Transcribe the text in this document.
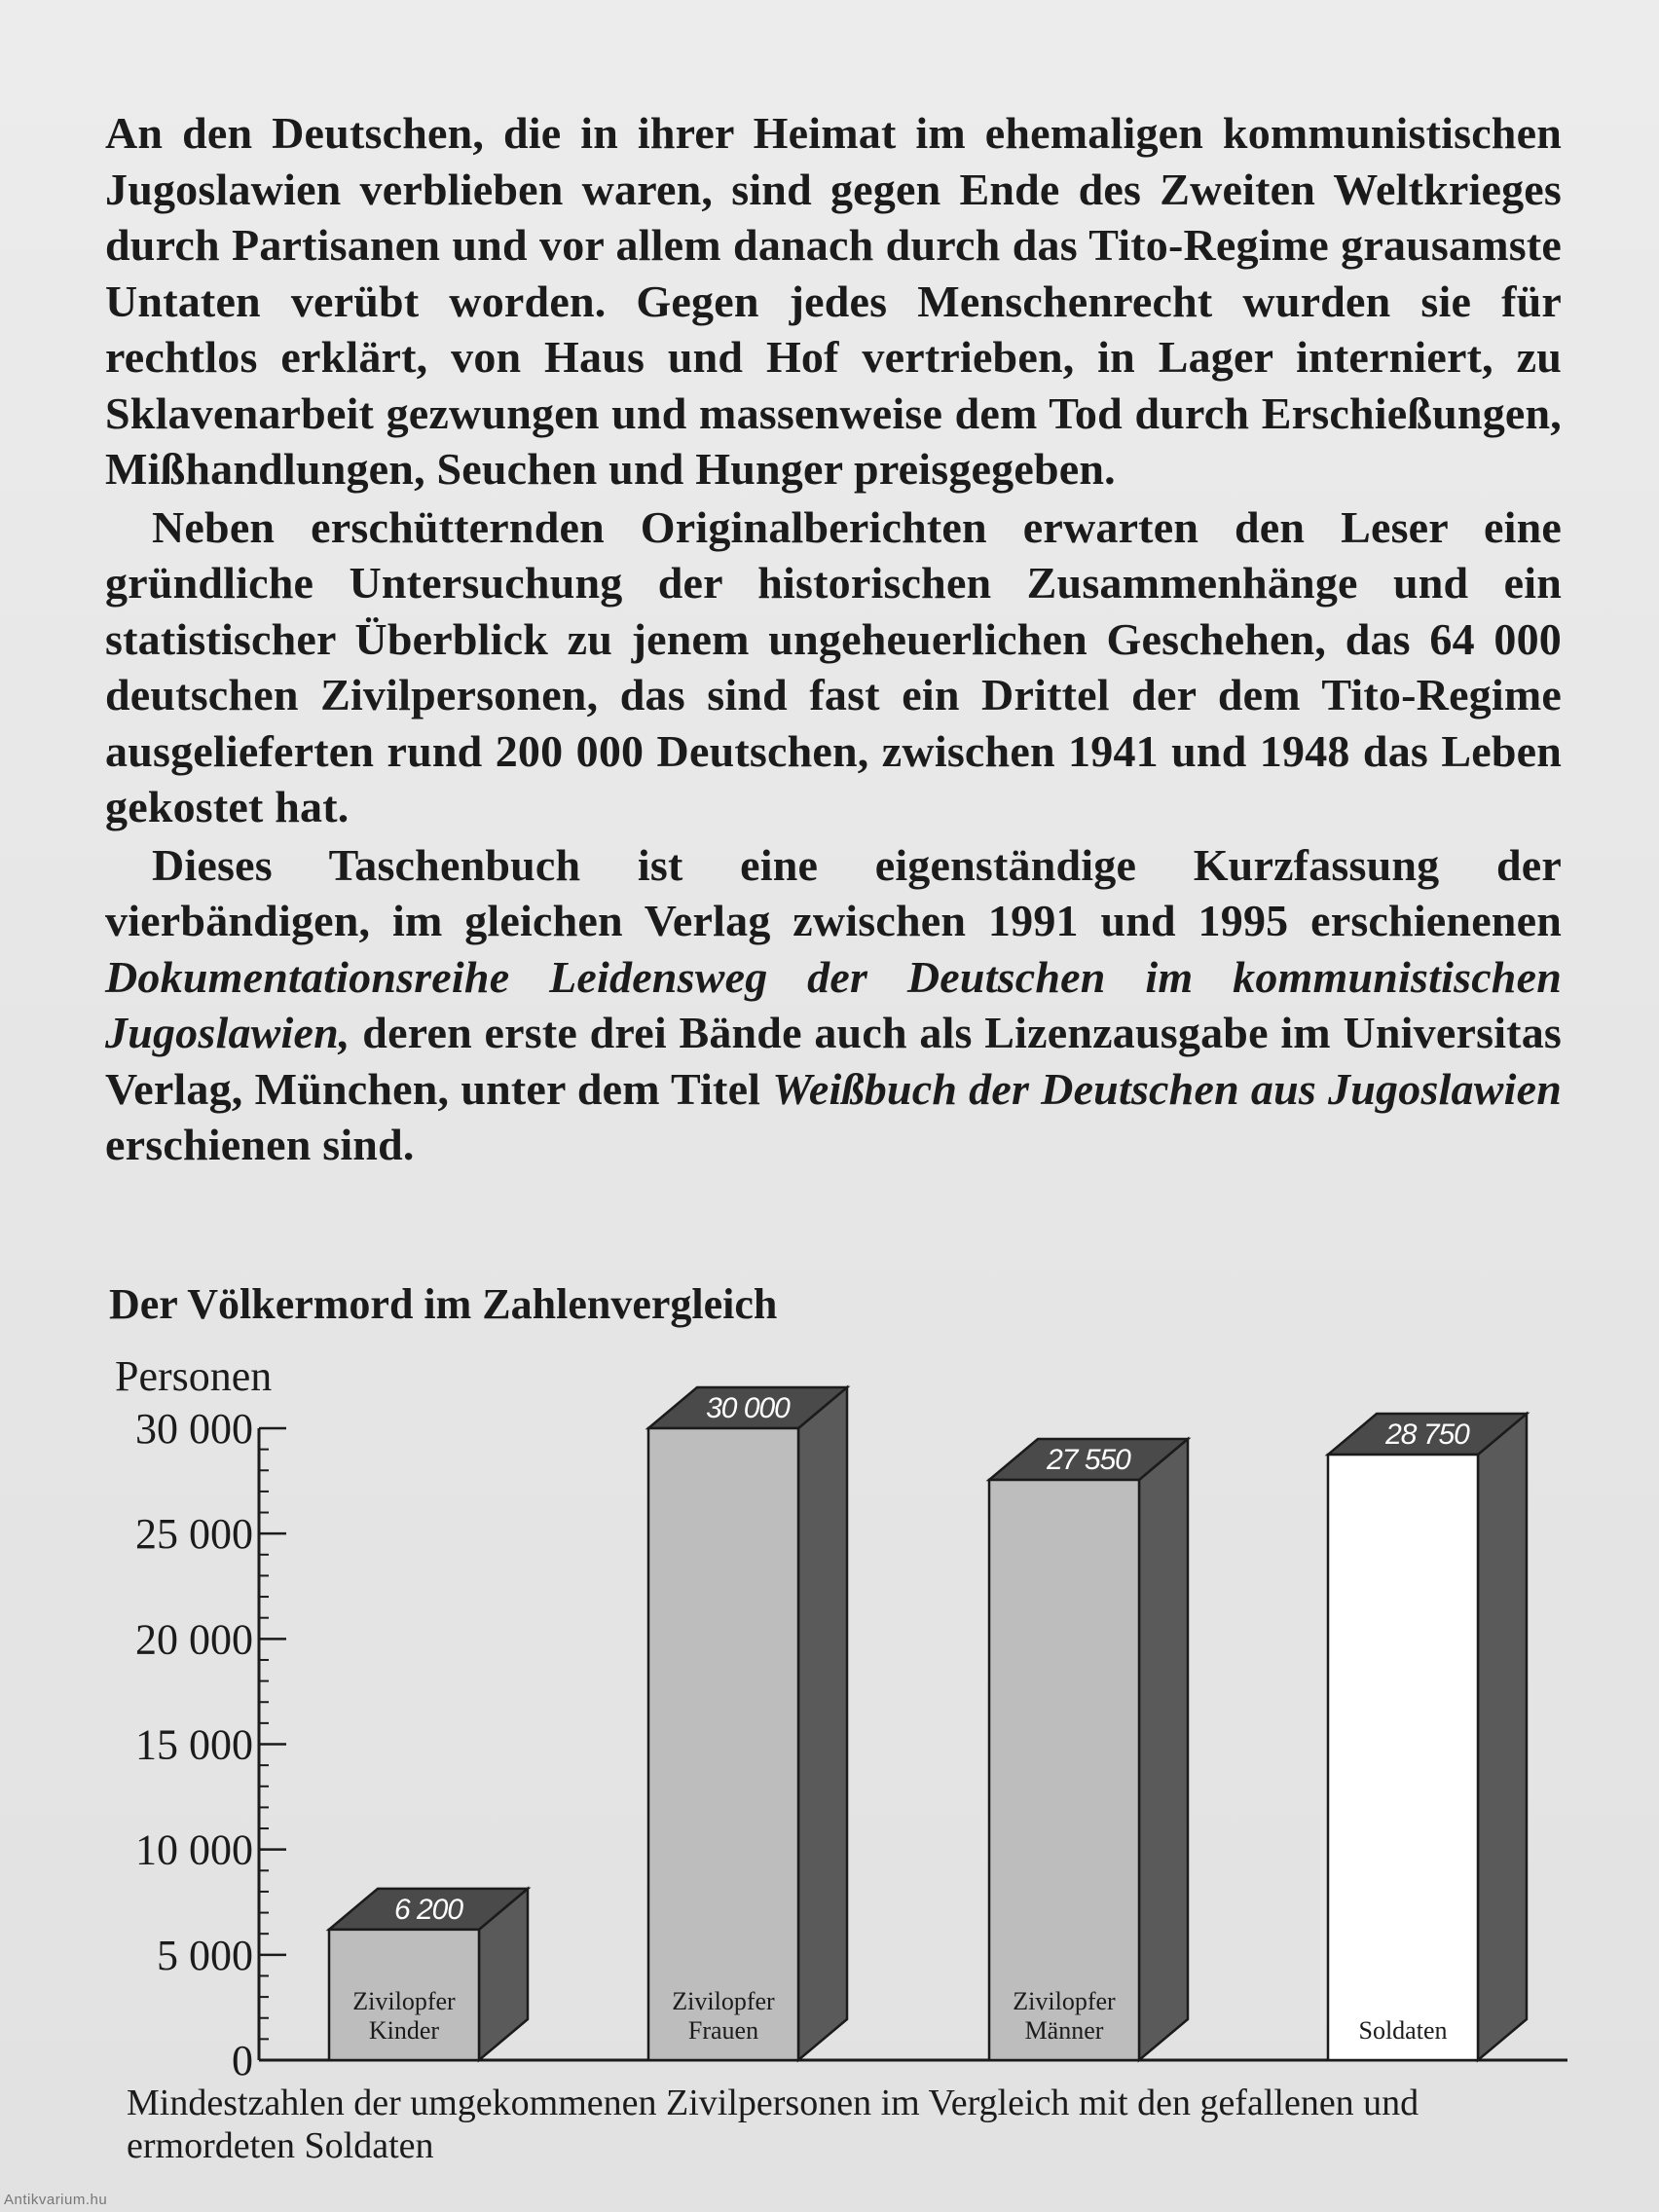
An den Deutschen, die in ihrer Heimat im ehemaligen kommunistischen Jugoslawien verblieben waren, sind gegen Ende des Zweiten Weltkrieges durch Partisanen und vor allem danach durch das Tito-Regime grausamste Untaten verübt worden. Gegen jedes Menschenrecht wurden sie für rechtlos erklärt, von Haus und Hof vertrieben, in Lager interniert, zu Sklavenarbeit gezwungen und massenweise dem Tod durch Erschießungen, Mißhandlungen, Seuchen und Hunger preisgegeben.

Neben erschütternden Originalberichten erwarten den Leser eine gründliche Untersuchung der historischen Zusammenhänge und ein statistischer Überblick zu jenem ungeheuerlichen Geschehen, das 64 000 deutschen Zivilpersonen, das sind fast ein Drittel der dem Tito-Regime ausgelieferten rund 200 000 Deutschen, zwischen 1941 und 1948 das Leben gekostet hat.

Dieses Taschenbuch ist eine eigenständige Kurzfassung der vierbändigen, im gleichen Verlag zwischen 1991 und 1995 erschienenen Dokumentationsreihe Leidensweg der Deutschen im kommunistischen Jugoslawien, deren erste drei Bände auch als Lizenzausgabe im Universitas Verlag, München, unter dem Titel Weißbuch der Deutschen aus Jugoslawien erschienen sind.

Der Völkermord im Zahlenvergleich
Personen
0
5 000
10 000
15 000
20 000
25 000
30 000
6 200
Zivilopfer
Kinder
30 000
Zivilopfer
Frauen
27 550
Zivilopfer
Männer
28 750
Soldaten
Mindestzahlen der umgekommenen Zivilpersonen im Vergleich mit den gefallenen und ermordeten Soldaten
Antikvarium.hu
